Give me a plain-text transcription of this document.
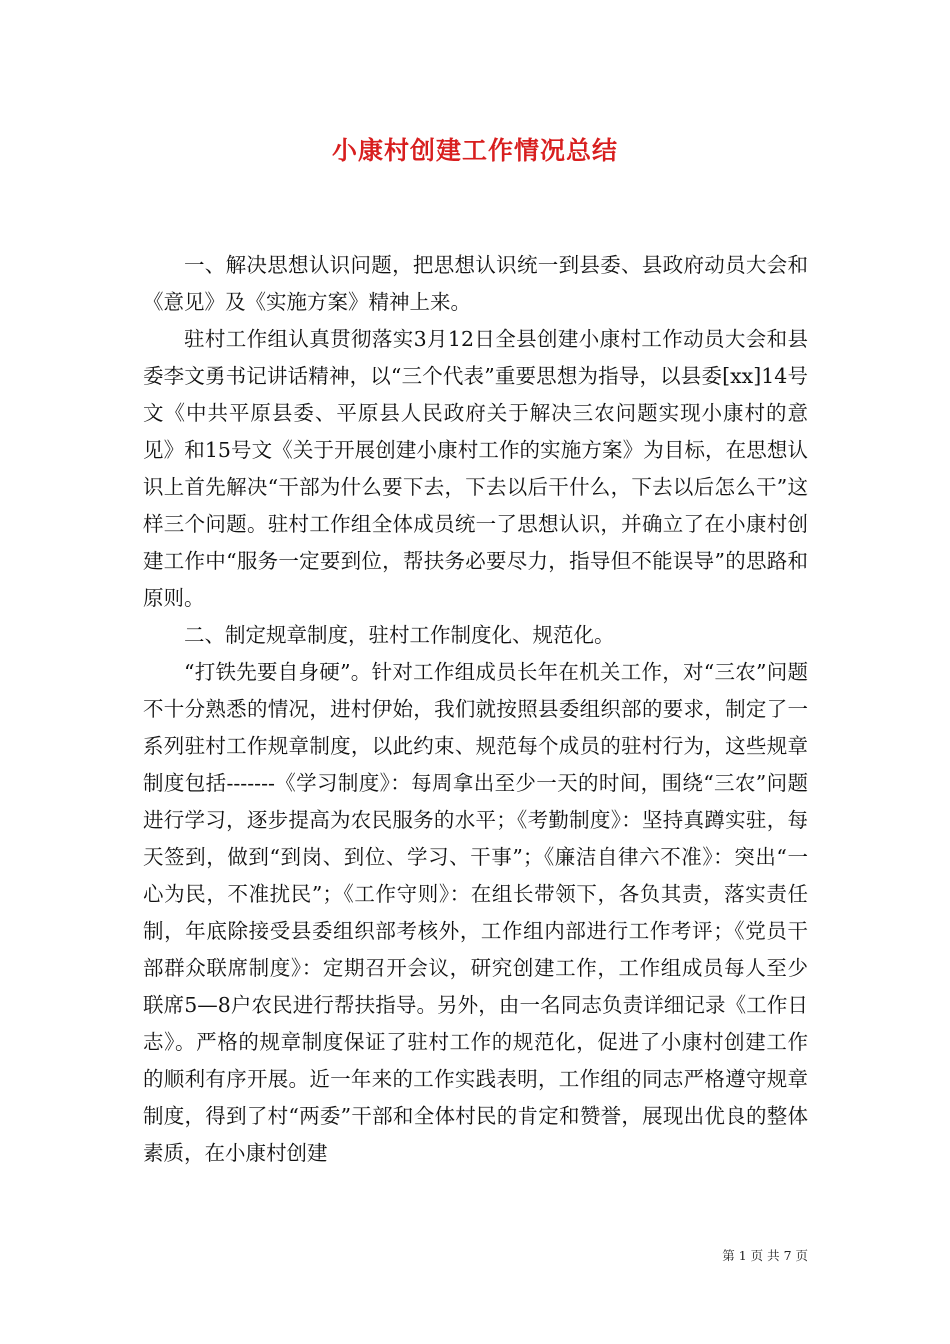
小康村创建工作情况总结

一、解决思想认识问题，把思想认识统一到县委、县政府动员大会和《意见》及《实施方案》精神上来。

驻村工作组认真贯彻落实3月12日全县创建小康村工作动员大会和县委李文勇书记讲话精神，以“三个代表”重要思想为指导，以县委[xx]14号文《中共平原县委、平原县人民政府关于解决三农问题实现小康村的意见》和15号文《关于开展创建小康村工作的实施方案》为目标，在思想认识上首先解决“干部为什么要下去，下去以后干什么，下去以后怎么干”这样三个问题。驻村工作组全体成员统一了思想认识，并确立了在小康村创建工作中“服务一定要到位，帮扶务必要尽力，指导但不能误导”的思路和原则。

二、制定规章制度，驻村工作制度化、规范化。

“打铁先要自身硬”。针对工作组成员长年在机关工作，对“三农”问题不十分熟悉的情况，进村伊始，我们就按照县委组织部的要求，制定了一系列驻村工作规章制度，以此约束、规范每个成员的驻村行为，这些规章制度包括-------《学习制度》：每周拿出至少一天的时间，围绕“三农”问题进行学习，逐步提高为农民服务的水平；《考勤制度》：坚持真蹲实驻，每天签到，做到“到岗、到位、学习、干事”；《廉洁自律六不准》：突出“一心为民，不准扰民”；《工作守则》：在组长带领下，各负其责，落实责任制，年底除接受县委组织部考核外，工作组内部进行工作考评；《党员干部群众联席制度》：定期召开会议，研究创建工作，工作组成员每人至少联席5—8户农民进行帮扶指导。另外，由一名同志负责详细记录《工作日志》。严格的规章制度保证了驻村工作的规范化，促进了小康村创建工作的顺利有序开展。近一年来的工作实践表明，工作组的同志严格遵守规章制度，得到了村“两委”干部和全体村民的肯定和赞誉，展现出优良的整体素质，在小康村创建

第 1 页 共 7 页
